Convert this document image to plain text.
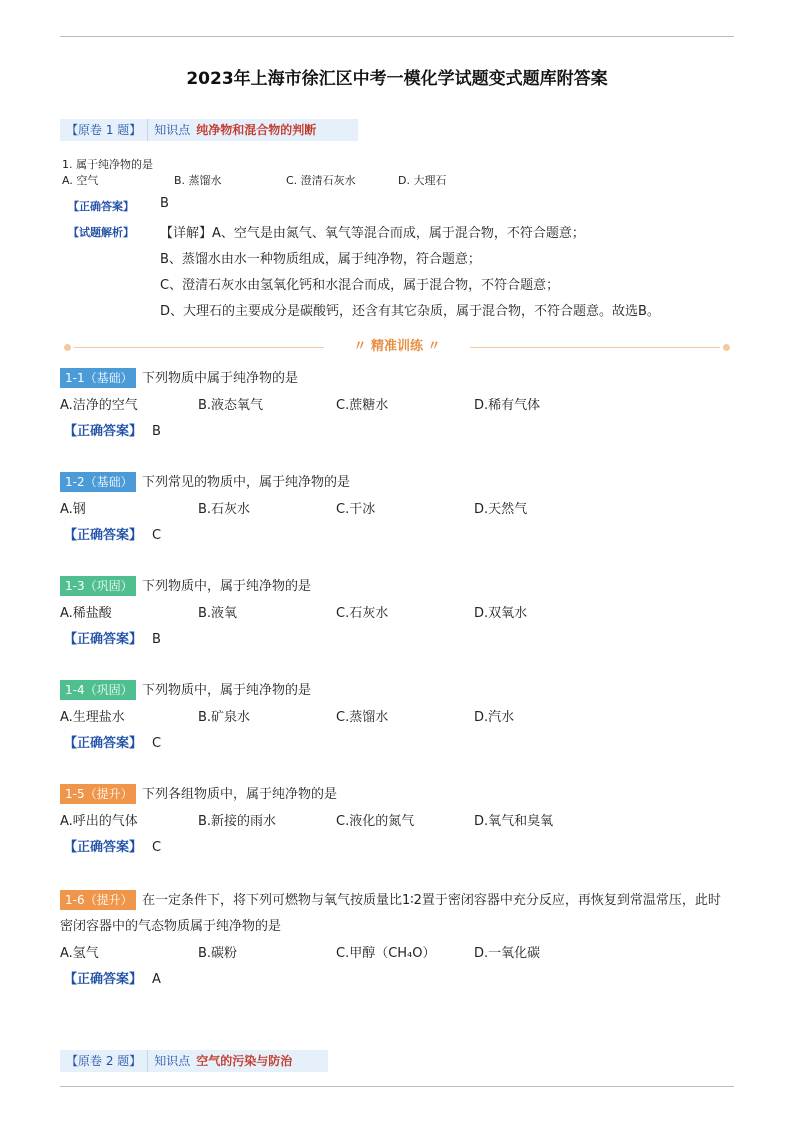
2023年上海市徐汇区中考一模化学试题变式题库附答案
【原卷 1 题】	知识点 纯净物和混合物的判断
1. 属于纯净物的是
A. 空气	B. 蒸馏水	C. 澄清石灰水	D. 大理石
【正确答案】 B
【试题解析】 【详解】A、空气是由氮气、氧气等混合而成，属于混合物，不符合题意；
B、蒸馏水由水一种物质组成，属于纯净物，符合题意；
C、澄清石灰水由氢氧化钙和水混合而成，属于混合物，不符合题意；
D、大理石的主要成分是碳酸钙，还含有其它杂质，属于混合物，不符合题意。故选B。
〃 精准训练 〃
1-1（基础） 下列物质中属于纯净物的是
A.洁净的空气	B.液态氧气	C.蔗糖水	D.稀有气体
【正确答案】 B
1-2（基础） 下列常见的物质中，属于纯净物的是
A.钢	B.石灰水	C.干冰	D.天然气
【正确答案】 C
1-3（巩固） 下列物质中，属于纯净物的是
A.稀盐酸	B.液氧	C.石灰水	D.双氧水
【正确答案】 B
1-4（巩固） 下列物质中，属于纯净物的是
A.生理盐水	B.矿泉水	C.蒸馏水	D.汽水
【正确答案】 C
1-5（提升） 下列各组物质中，属于纯净物的是
A.呼出的气体	B.新接的雨水	C.液化的氮气	D.氧气和臭氧
【正确答案】 C
1-6（提升） 在一定条件下，将下列可燃物与氧气按质量比1∶2置于密闭容器中充分反应，再恢复到常温常压，此时密闭容器中的气态物质属于纯净物的是
A.氢气	B.碳粉	C.甲醇（CH₄O）	D.一氧化碳
【正确答案】 A
【原卷 2 题】	知识点 空气的污染与防治
